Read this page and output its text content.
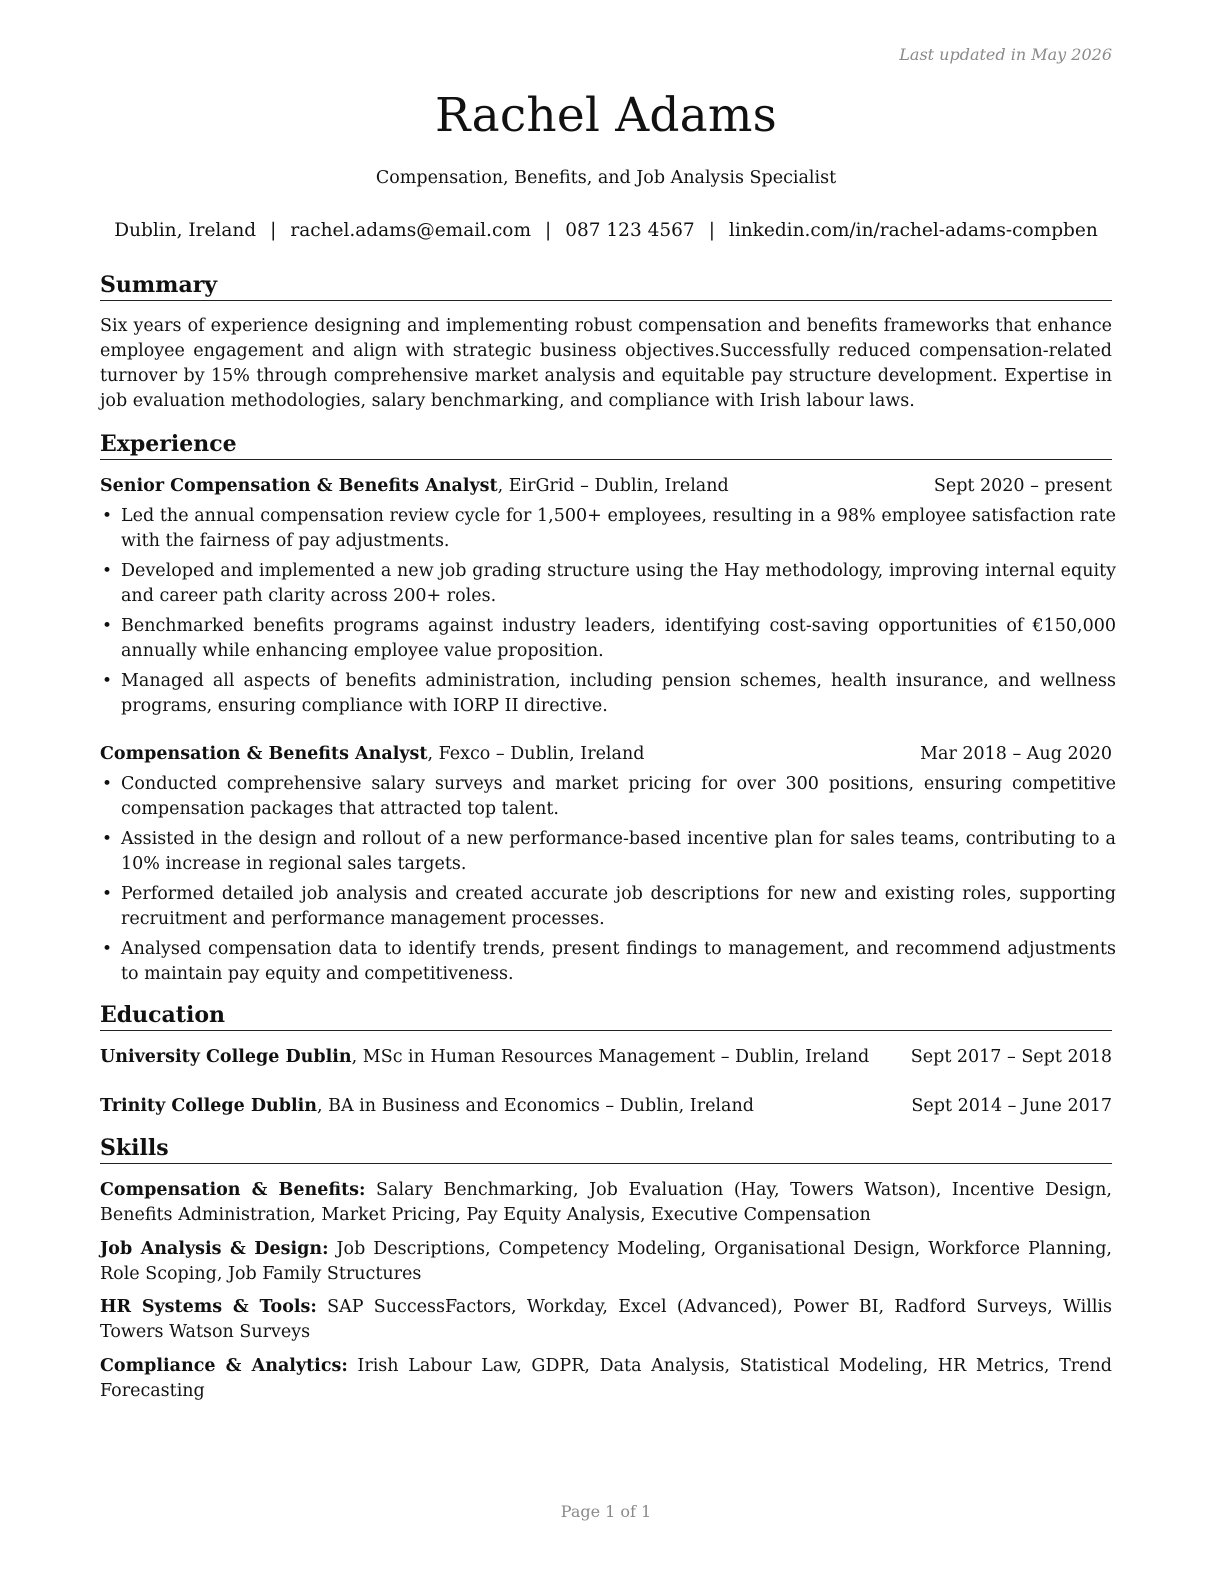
Last updated in May 2026
Rachel Adams
Compensation, Benefits, and Job Analysis Specialist
Dublin, Ireland | rachel.adams@email.com | 087 123 4567 | linkedin.com/in/rachel-adams-compben
Summary
Six years of experience designing and implementing robust compensation and benefits frameworks that enhance employee engagement and align with strategic business objectives.Successfully reduced compensation-related turnover by 15% through comprehensive market analysis and equitable pay structure development. Expertise in job evaluation methodologies, salary benchmarking, and compliance with Irish labour laws.
Experience
Senior Compensation & Benefits Analyst, EirGrid – Dublin, Ireland	Sept 2020 – present
• Led the annual compensation review cycle for 1,500+ employees, resulting in a 98% employee satisfaction rate with the fairness of pay adjustments.
• Developed and implemented a new job grading structure using the Hay methodology, improving internal equity and career path clarity across 200+ roles.
• Benchmarked benefits programs against industry leaders, identifying cost-saving opportunities of €150,000 annually while enhancing employee value proposition.
• Managed all aspects of benefits administration, including pension schemes, health insurance, and wellness programs, ensuring compliance with IORP II directive.
Compensation & Benefits Analyst, Fexco – Dublin, Ireland	Mar 2018 – Aug 2020
• Conducted comprehensive salary surveys and market pricing for over 300 positions, ensuring competitive compensation packages that attracted top talent.
• Assisted in the design and rollout of a new performance-based incentive plan for sales teams, contributing to a 10% increase in regional sales targets.
• Performed detailed job analysis and created accurate job descriptions for new and existing roles, supporting recruitment and performance management processes.
• Analysed compensation data to identify trends, present findings to management, and recommend adjustments to maintain pay equity and competitiveness.
Education
University College Dublin, MSc in Human Resources Management – Dublin, Ireland Sept 2017 – Sept 2018
Trinity College Dublin, BA in Business and Economics – Dublin, Ireland	Sept 2014 – June 2017
Skills
Compensation & Benefits: Salary Benchmarking, Job Evaluation (Hay, Towers Watson), Incentive Design, Benefits Administration, Market Pricing, Pay Equity Analysis, Executive Compensation
Job Analysis & Design: Job Descriptions, Competency Modeling, Organisational Design, Workforce Planning, Role Scoping, Job Family Structures
HR Systems & Tools: SAP SuccessFactors, Workday, Excel (Advanced), Power BI, Radford Surveys, Willis Towers Watson Surveys
Compliance & Analytics: Irish Labour Law, GDPR, Data Analysis, Statistical Modeling, HR Metrics, Trend Forecasting
Page 1 of 1
